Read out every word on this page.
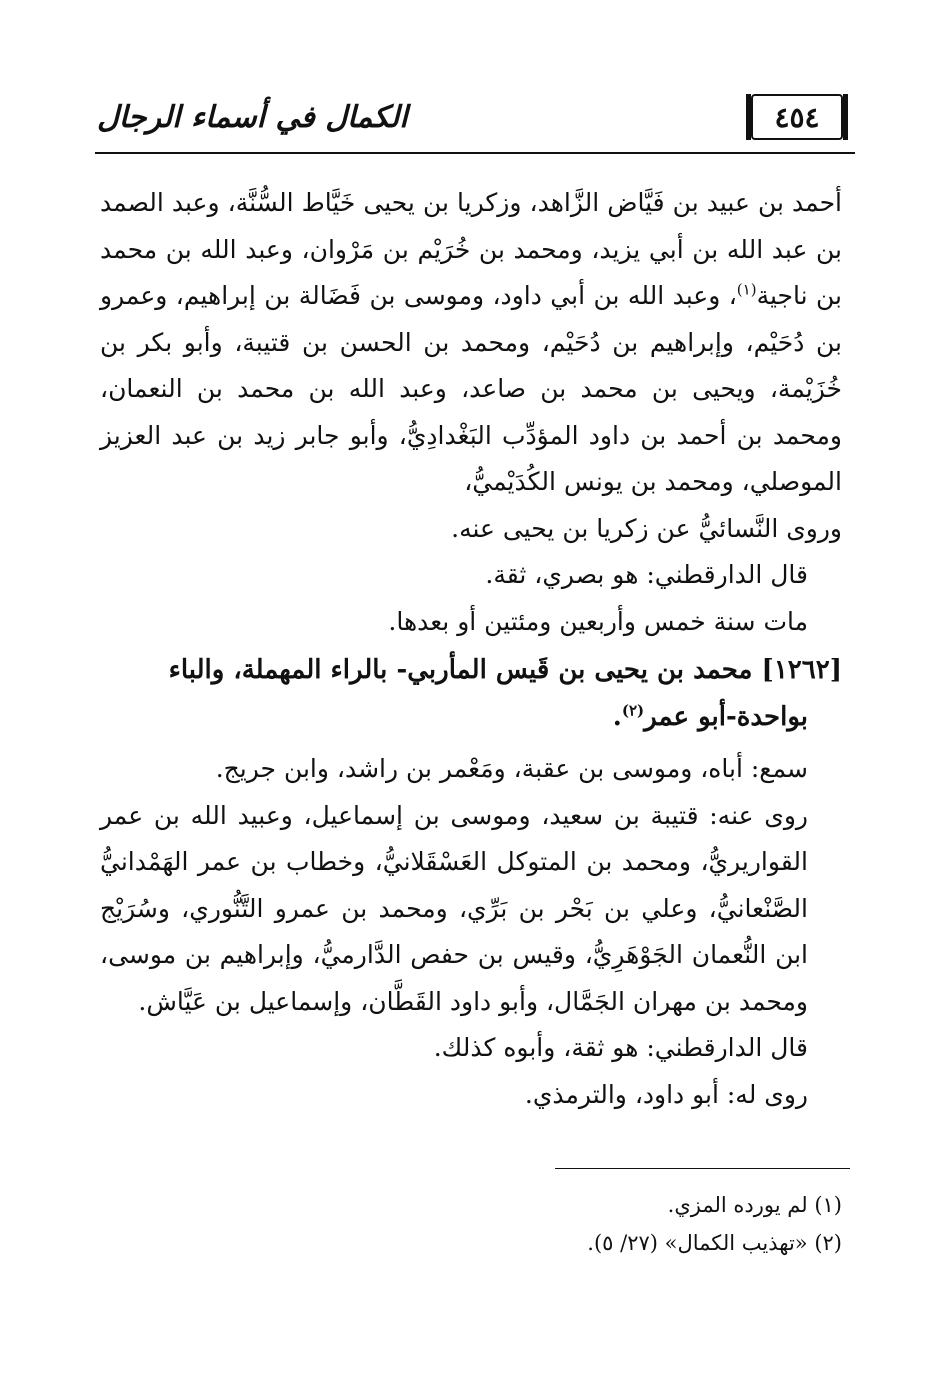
٤٥٤
الكمال في أسماء الرجال

أحمد بن عبيد بن فَيَّاض الزَّاهد، وزكريا بن يحيى خَيَّاط السُّنَّة، وعبد الصمد بن عبد الله بن أبي يزيد، ومحمد بن خُرَيْم بن مَرْوان، وعبد الله بن محمد بن ناجية$^{(١)}$، وعبد الله بن أبي داود، وموسى بن فَضَالة بن إبراهيم، وعمرو بن دُحَيْم، وإبراهيم بن دُحَيْم، ومحمد بن الحسن بن قتيبة، وأبو بكر بن خُزَيْمة، ويحيى بن محمد بن صاعد، وعبد الله بن محمد بن النعمان، ومحمد بن أحمد بن داود المؤدِّب البَغْدادِيُّ، وأبو جابر زيد بن عبد العزيز الموصلي، ومحمد بن يونس الكُدَيْميُّ،

وروى النَّسائيُّ عن زكريا بن يحيى عنه.

قال الدارقطني: هو بصري، ثقة.

مات سنة خمس وأربعين ومئتين أو بعدها.

[١٢٦٢] محمد بن يحيى بن قَيس المأربي- بالراء المهملة، والباء
بواحدة-أبو عمر$^{(٢)}$.

سمع: أباه، وموسى بن عقبة، ومَعْمر بن راشد، وابن جريج.

روى عنه: قتيبة بن سعيد، وموسى بن إسماعيل، وعبيد الله بن عمر القواريريُّ، ومحمد بن المتوكل العَسْقَلانيُّ، وخطاب بن عمر الهَمْدانيُّ الصَّنْعانيُّ، وعلي بن بَحْر بن بَرِّي، ومحمد بن عمرو التَّنُّوري، وسُرَيْج ابن النُّعمان الجَوْهَرِيُّ، وقيس بن حفص الدَّارميُّ، وإبراهيم بن موسى، ومحمد بن مهران الجَمَّال، وأبو داود القَطَّان، وإسماعيل بن عَيَّاش.

قال الدارقطني: هو ثقة، وأبوه كذلك.

روى له: أبو داود، والترمذي.

(١) لم يورده المزي.

(٢) «تهذيب الكمال» (٢٧/ ٥).
